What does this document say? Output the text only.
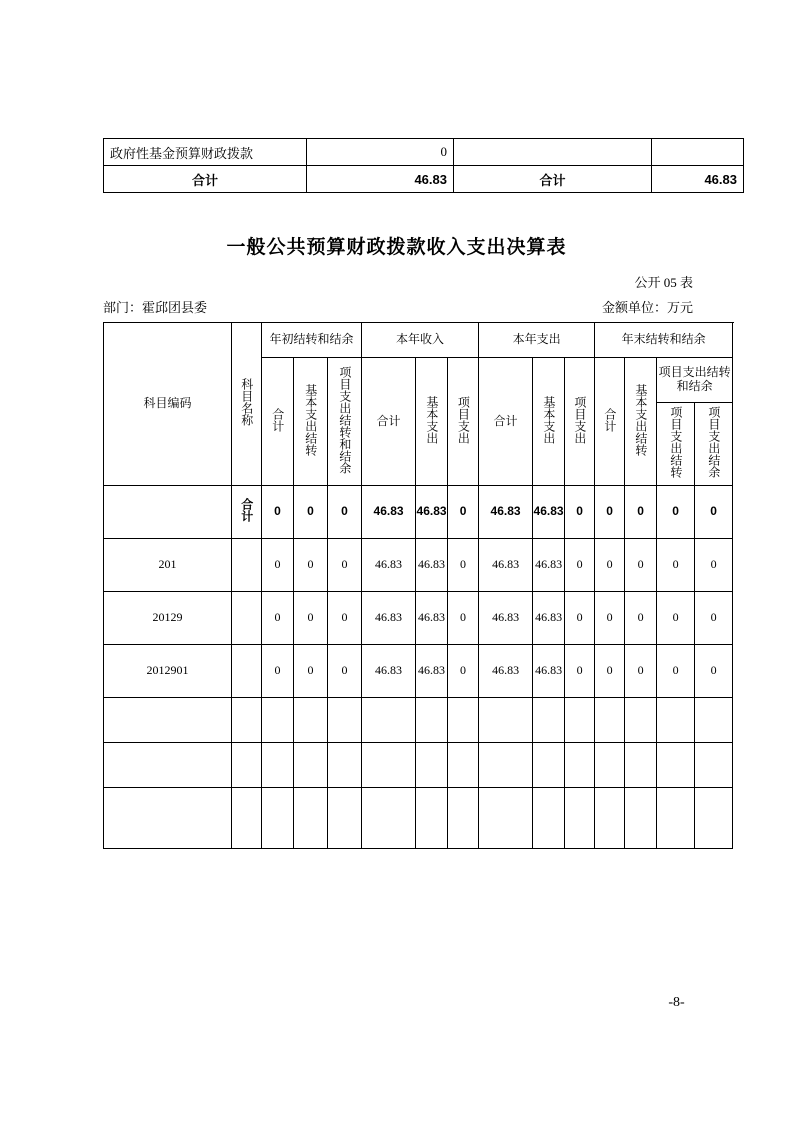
政府性基金预算财政拨款	0		
合计	46.83	合计	46.83
一般公共预算财政拨款收入支出决算表
公开 05 表
部门：霍邱团县委	金额单位：万元
科目编码	科目名称	年初结转和结余			本年收入			本年支出			年末结转和结余			
		合计	基本支出结转	项目支出结转和结余	合计	基本支出	项目支出	合计	基本支出	项目支出	合计	基本支出结转	项目支出结转和结余	
													项目支出结转	项目支出结余
	合计	0	0	0	46.83	46.83	0	46.83	46.83	0	0	0	0	0
201		0	0	0	46.83	46.83	0	46.83	46.83	0	0	0	0	0
20129		0	0	0	46.83	46.83	0	46.83	46.83	0	0	0	0	0
2012901		0	0	0	46.83	46.83	0	46.83	46.83	0	0	0	0	0

-8-
